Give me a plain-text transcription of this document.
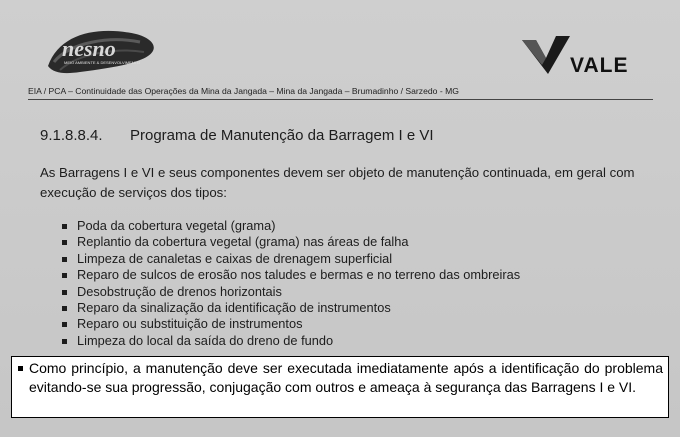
nesno
MEIO AMBIENTE & DESENVOLVIMENTO	VALE
EIA / PCA – Continuidade das Operações da Mina da Jangada – Mina da Jangada – Brumadinho / Sarzedo - MG
9.1.8.8.4. Programa de Manutenção da Barragem I e VI
As Barragens I e VI e seus componentes devem ser objeto de manutenção continuada, em geral com execução de serviços dos tipos:
Poda da cobertura vegetal (grama)
Replantio da cobertura vegetal (grama) nas áreas de falha
Limpeza de canaletas e caixas de drenagem superficial
Reparo de sulcos de erosão nos taludes e bermas e no terreno das ombreiras
Desobstrução de drenos horizontais
Reparo da sinalização da identificação de instrumentos
Reparo ou substituição de instrumentos
Limpeza do local da saída do dreno de fundo
Como princípio, a manutenção deve ser executada imediatamente após a identificação do problema evitando-se sua progressão, conjugação com outros e ameaça à segurança das Barragens I e VI.
